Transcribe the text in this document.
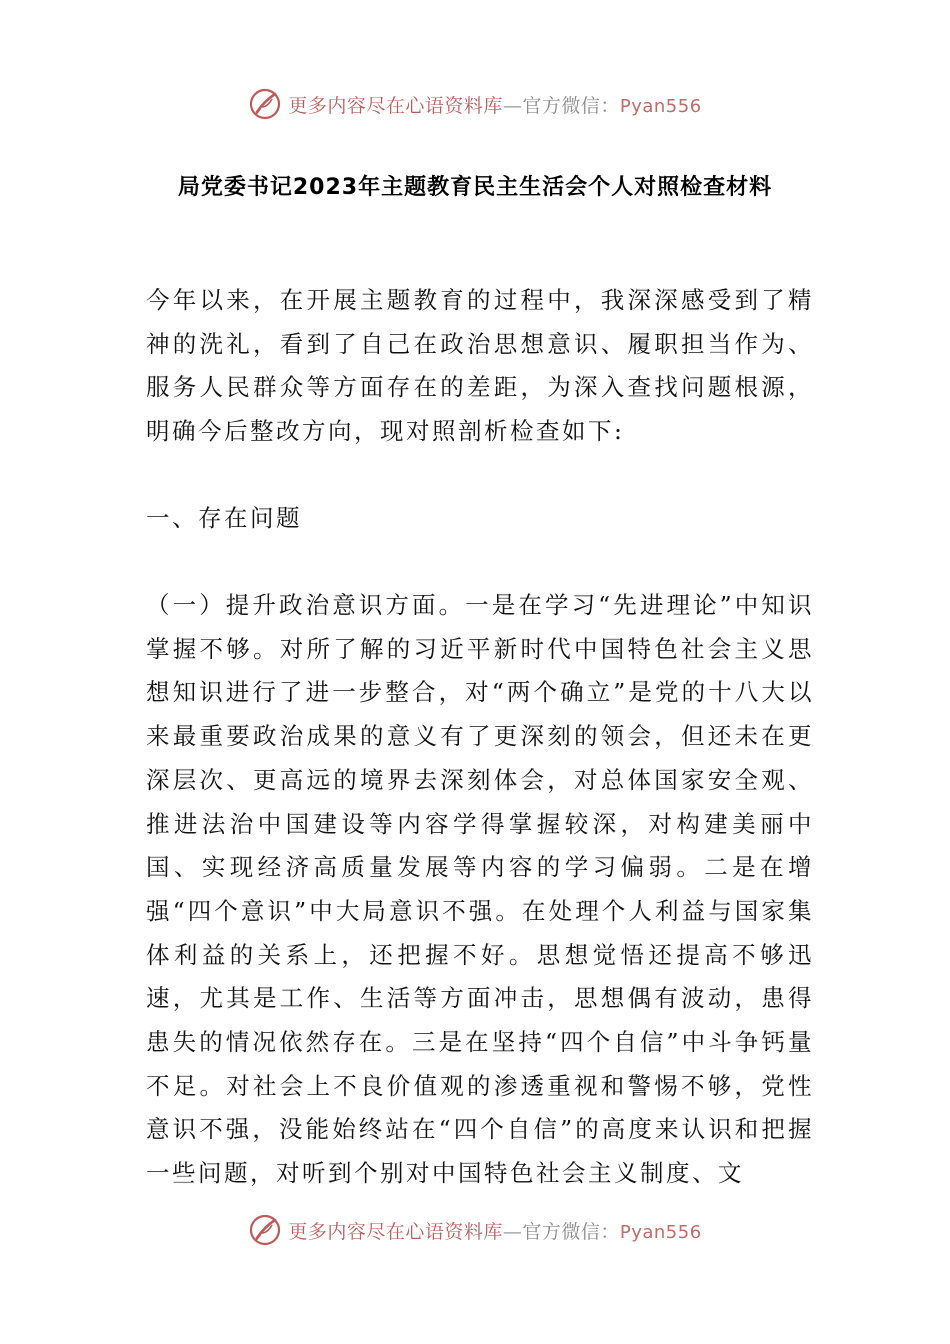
更多内容尽在心语资料库—官方微信：Pyan556
局党委书记2023年主题教育民主生活会个人对照检查材料

今年以来，在开展主题教育的过程中，我深深感受到了精神的洗礼，看到了自己在政治思想意识、履职担当作为、服务人民群众等方面存在的差距，为深入查找问题根源，明确今后整改方向，现对照剖析检查如下:

一、存在问题

（一）提升政治意识方面。一是在学习“先进理论”中知识掌握不够。对所了解的习近平新时代中国特色社会主义思想知识进行了进一步整合，对“两个确立”是党的十八大以来最重要政治成果的意义有了更深刻的领会，但还未在更深层次、更高远的境界去深刻体会，对总体国家安全观、推进法治中国建设等内容学得掌握较深，对构建美丽中国、实现经济高质量发展等内容的学习偏弱。二是在增强“四个意识”中大局意识不强。在处理个人利益与国家集体利益的关系上，还把握不好。思想觉悟还提高不够迅速，尤其是工作、生活等方面冲击，思想偶有波动，患得患失的情况依然存在。三是在坚持“四个自信”中斗争钙量不足。对社会上不良价值观的渗透重视和警惕不够，党性意识不强，没能始终站在“四个自信”的高度来认识和把握一些问题，对听到个别对中国特色社会主义制度、文

更多内容尽在心语资料库—官方微信：Pyan556
